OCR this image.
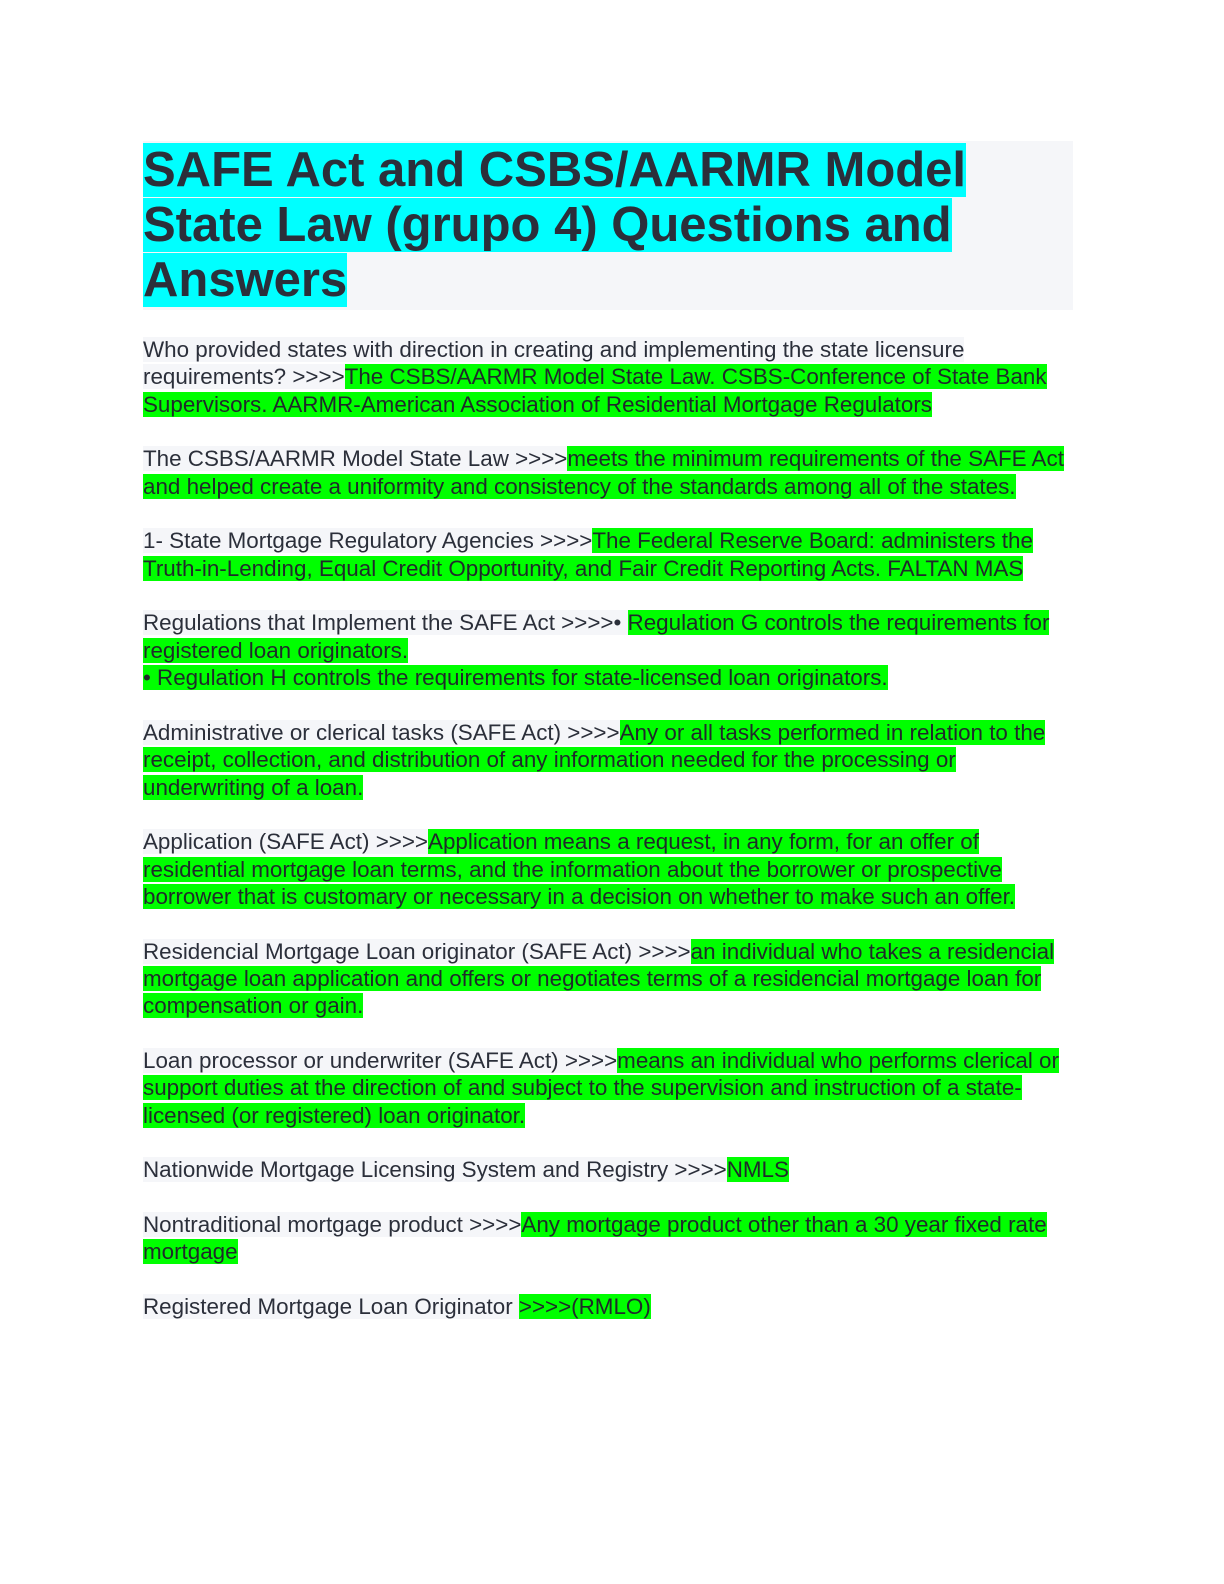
SAFE Act and CSBS/AARMR Model State Law (grupo 4) Questions and Answers

Who provided states with direction in creating and implementing the state licensure requirements? >>>>The CSBS/AARMR Model State Law. CSBS-Conference of State Bank Supervisors. AARMR-American Association of Residential Mortgage Regulators

The CSBS/AARMR Model State Law >>>>meets the minimum requirements of the SAFE Act and helped create a uniformity and consistency of the standards among all of the states.

1- State Mortgage Regulatory Agencies >>>>The Federal Reserve Board: administers the Truth-in-Lending, Equal Credit Opportunity, and Fair Credit Reporting Acts. FALTAN MAS

Regulations that Implement the SAFE Act >>>>• Regulation G controls the requirements for registered loan originators.
• Regulation H controls the requirements for state-licensed loan originators.

Administrative or clerical tasks (SAFE Act) >>>>Any or all tasks performed in relation to the receipt, collection, and distribution of any information needed for the processing or underwriting of a loan.

Application (SAFE Act) >>>>Application means a request, in any form, for an offer of residential mortgage loan terms, and the information about the borrower or prospective borrower that is customary or necessary in a decision on whether to make such an offer.

Residencial Mortgage Loan originator (SAFE Act) >>>>an individual who takes a residencial mortgage loan application and offers or negotiates terms of a residencial mortgage loan for compensation or gain.

Loan processor or underwriter (SAFE Act) >>>>means an individual who performs clerical or support duties at the direction of and subject to the supervision and instruction of a state-licensed (or registered) loan originator.

Nationwide Mortgage Licensing System and Registry >>>>NMLS

Nontraditional mortgage product >>>>Any mortgage product other than a 30 year fixed rate mortgage

Registered Mortgage Loan Originator >>>>(RMLO)
